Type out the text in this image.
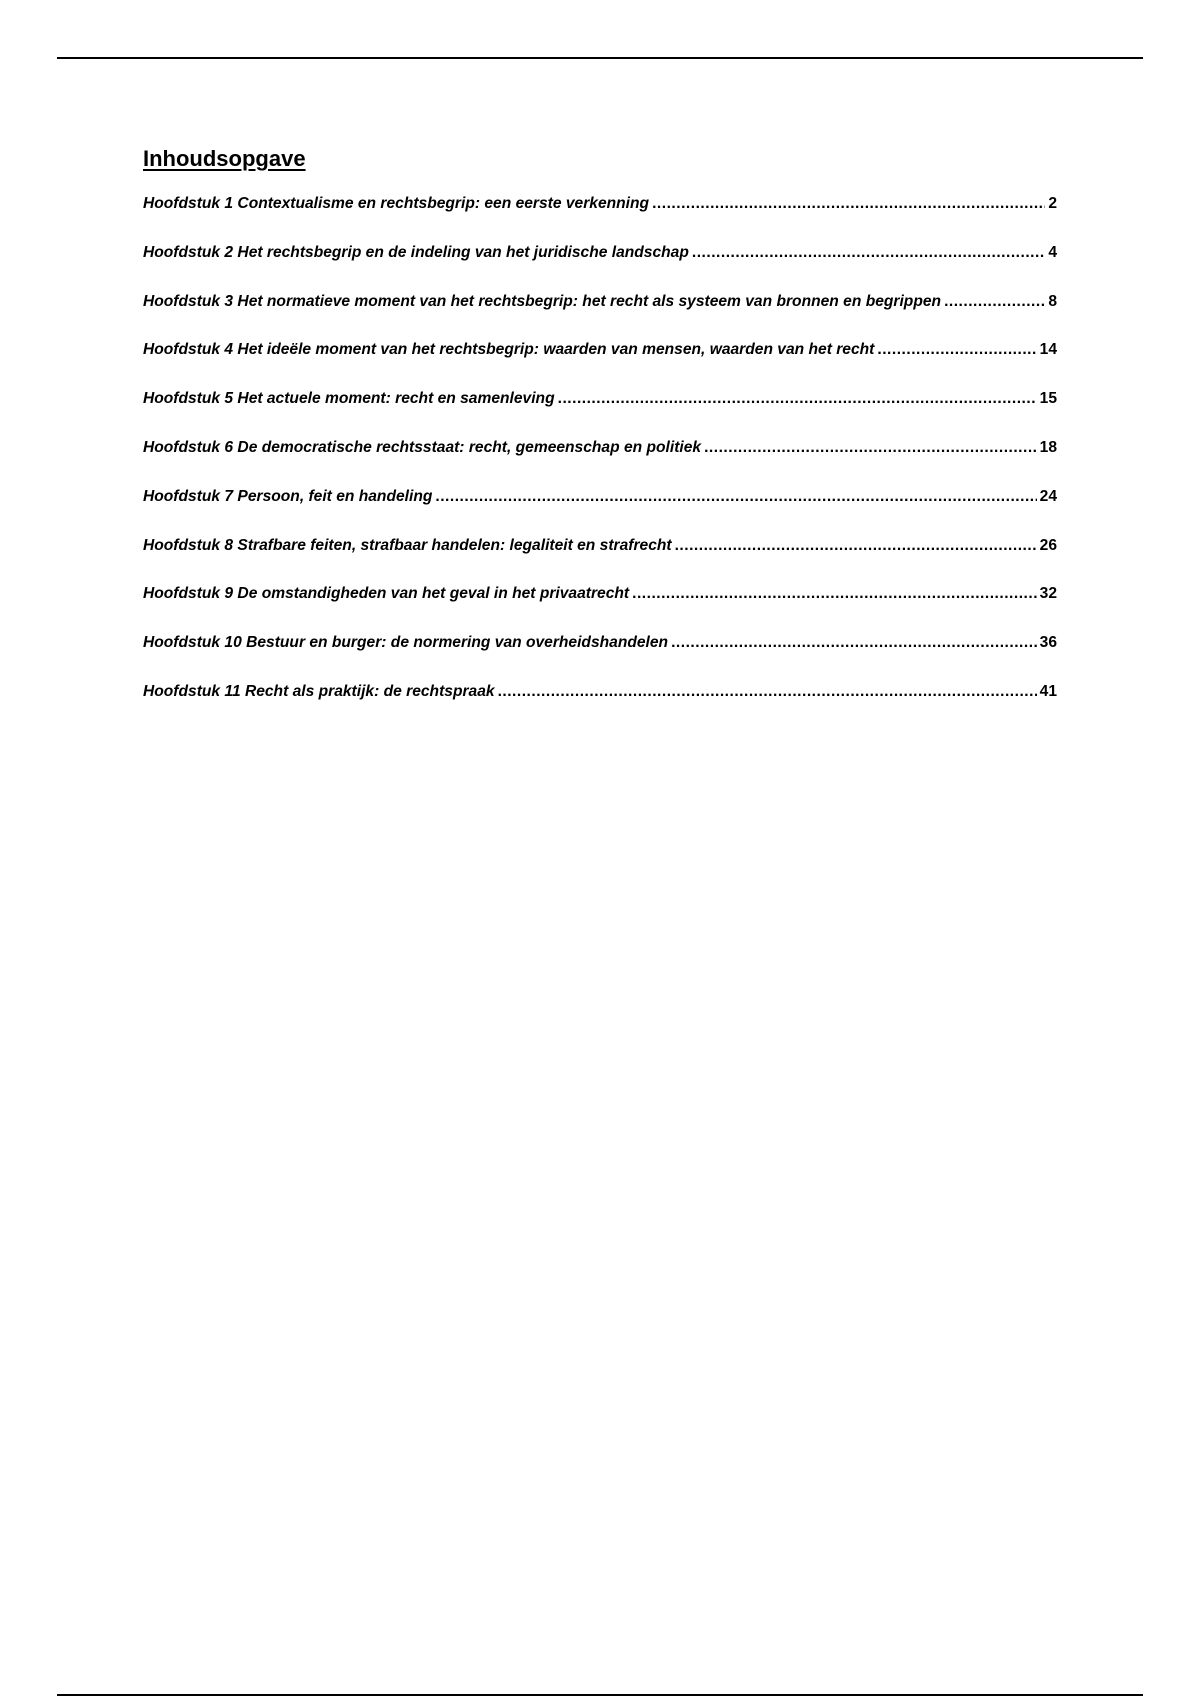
Inhoudsopgave
Hoofdstuk 1 Contextualisme en rechtsbegrip: een eerste verkenning .....	2
Hoofdstuk 2 Het rechtsbegrip en de indeling van het juridische landschap .....	4
Hoofdstuk 3 Het normatieve moment van het rechtsbegrip: het recht als systeem van bronnen en begrippen .....	8
Hoofdstuk 4 Het ideële moment van het rechtsbegrip: waarden van mensen, waarden van het recht .....	14
Hoofdstuk 5 Het actuele moment: recht en samenleving .....	15
Hoofdstuk 6 De democratische rechtsstaat: recht, gemeenschap en politiek .....	18
Hoofdstuk 7 Persoon, feit en handeling .....	24
Hoofdstuk 8 Strafbare feiten, strafbaar handelen: legaliteit en strafrecht .....	26
Hoofdstuk 9 De omstandigheden van het geval in het privaatrecht .....	32
Hoofdstuk 10 Bestuur en burger: de normering van overheidshandelen .....	36
Hoofdstuk 11 Recht als praktijk: de rechtspraak .....	41
